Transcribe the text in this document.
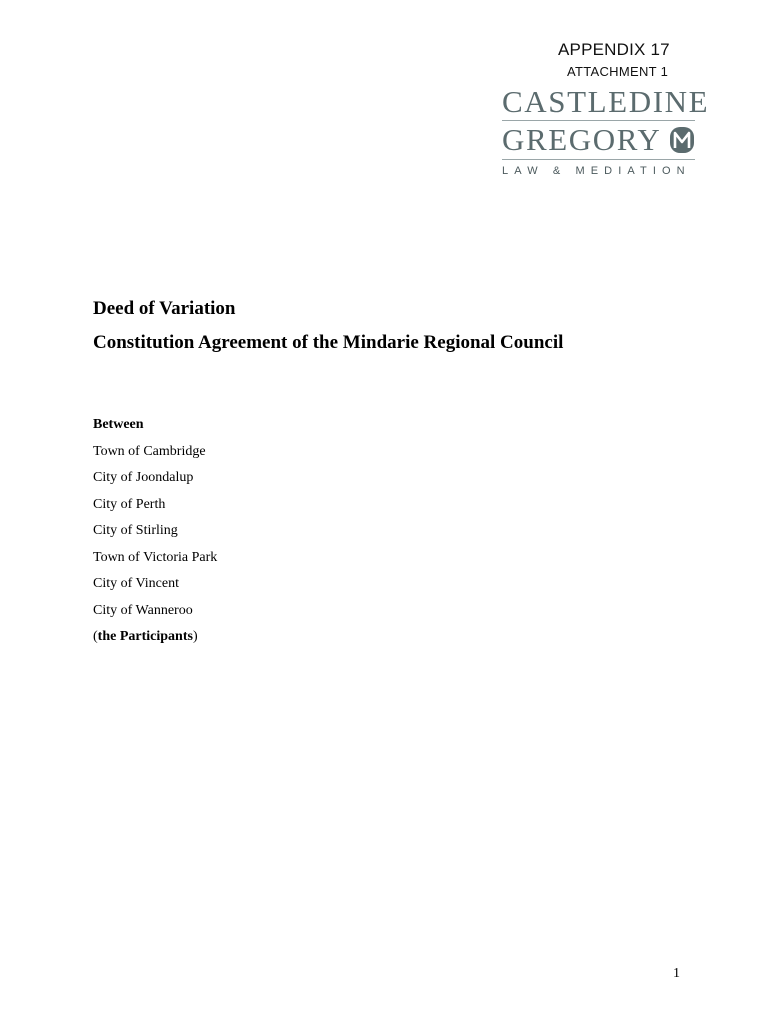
APPENDIX 17
ATTACHMENT 1
CASTLEDINE
GREGORY
LAW & MEDIATION
Deed of Variation
Constitution Agreement of the Mindarie Regional Council
Between
Town of Cambridge
City of Joondalup
City of Perth
City of Stirling
Town of Victoria Park
City of Vincent
City of Wanneroo
(the Participants)
1
